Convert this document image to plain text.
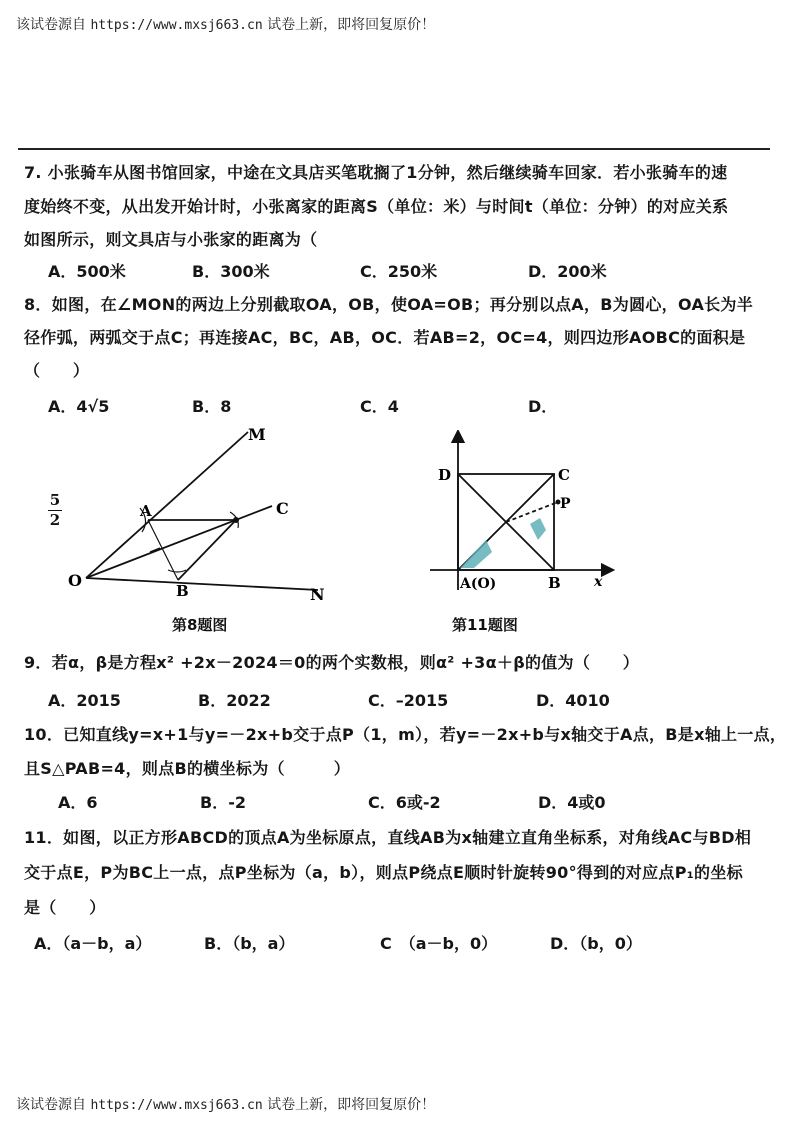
该试卷源自 https://www.mxsj663.cn 试卷上新，即将回复原价！
7. 小张骑车从图书馆回家，中途在文具店买笔耽搁了1分钟，然后继续骑车回家．若小张骑车的速
度始终不变，从出发开始计时，小张离家的距离S（单位：米）与时间t（单位：分钟）的对应关系
如图所示，则文具店与小张家的距离为（
A．500米	B．300米	C．250米	D．200米
8．如图，在∠MON的两边上分别截取OA，OB，使OA=OB；再分别以点A，B为圆心，OA长为半
径作弧，两弧交于点C；再连接AC，BC，AB，OC．若AB=2，OC=4，则四边形AOBC的面积是
（　　）
A．4√5	B．8	C．4	D．
5
2
M
A	C
O
B	N
第8题图
D	C
P
A(O)	B x
第11题图
9．若α，β是方程x² +2x－2024＝0的两个实数根，则α² +3α＋β的值为（　　）
A．2015	B．2022	C．–2015	D．4010
10．已知直线y=x+1与y=－2x+b交于点P（1，m），若y=－2x+b与x轴交于A点，B是x轴上一点，
且S△PAB=4，则点B的横坐标为（　　　）
A．6	B．-2	C．6或-2	D．4或0
11．如图，以正方形ABCD的顶点A为坐标原点，直线AB为x轴建立直角坐标系，对角线AC与BD相
交于点E，P为BC上一点，点P坐标为（a，b），则点P绕点E顺时针旋转90°得到的对应点P₁的坐标
是（　　）
A．（a－b，a）	B．（b，a）	C　（a－b，0）	D．（b，0）
该试卷源自 https://www.mxsj663.cn 试卷上新，即将回复原价！
